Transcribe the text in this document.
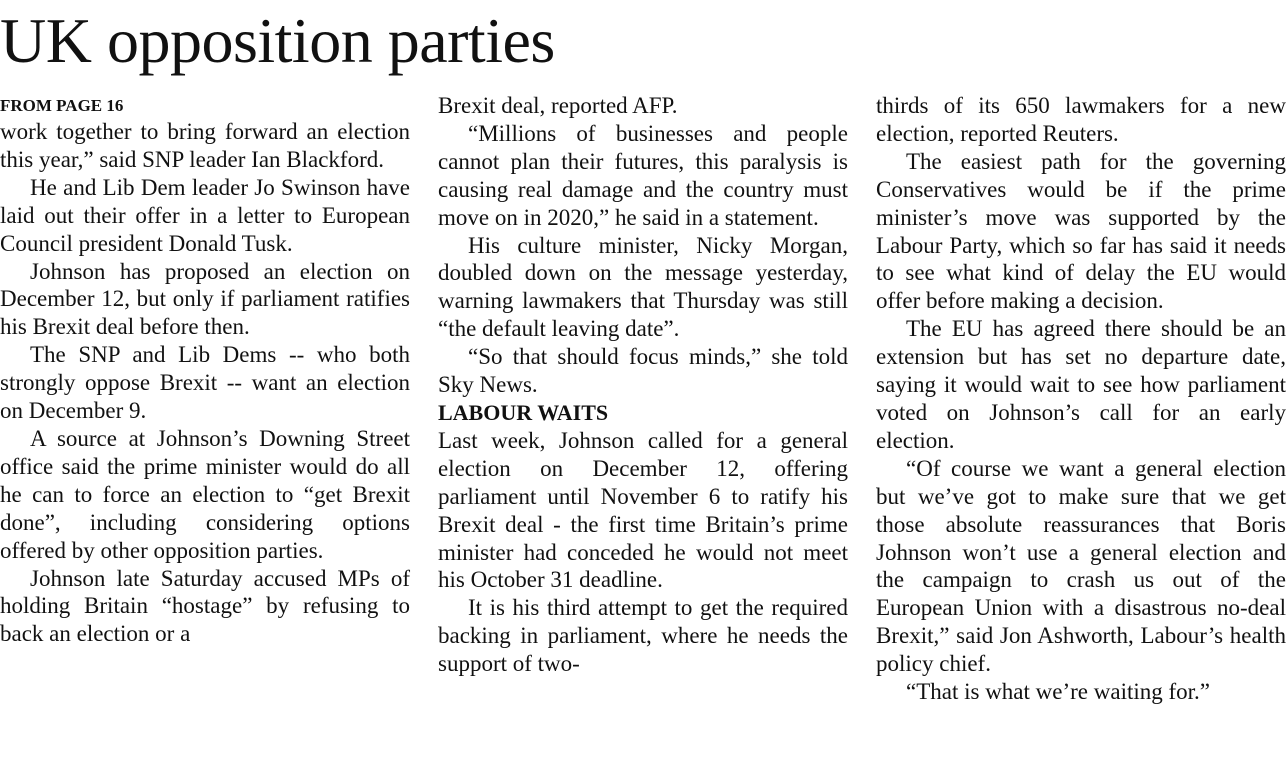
UK opposition parties
FROM PAGE 16

work together to bring forward an election this year,” said SNP leader Ian Blackford.

He and Lib Dem leader Jo Swinson have laid out their offer in a letter to European Council president Donald Tusk.

Johnson has proposed an election on December 12, but only if parliament ratifies his Brexit deal before then.

The SNP and Lib Dems -- who both strongly oppose Brexit -- want an election on December 9.

A source at Johnson’s Downing Street office said the prime minister would do all he can to force an election to “get Brexit done”, including considering options offered by other opposition parties.

Johnson late Saturday accused MPs of holding Britain “hostage” by refusing to back an election or a

Brexit deal, reported AFP.

“Millions of businesses and people cannot plan their futures, this paralysis is causing real damage and the country must move on in 2020,” he said in a statement.

His culture minister, Nicky Morgan, doubled down on the message yesterday, warning lawmakers that Thursday was still “the default leaving date”.

“So that should focus minds,” she told Sky News.

LABOUR WAITS

Last week, Johnson called for a general election on December 12, offering parliament until November 6 to ratify his Brexit deal - the first time Britain’s prime minister had conceded he would not meet his October 31 deadline.

It is his third attempt to get the required backing in parliament, where he needs the support of two-

thirds of its 650 lawmakers for a new election, reported Reuters.

The easiest path for the governing Conservatives would be if the prime minister’s move was supported by the Labour Party, which so far has said it needs to see what kind of delay the EU would offer before making a decision.

The EU has agreed there should be an extension but has set no departure date, saying it would wait to see how parliament voted on Johnson’s call for an early election.

“Of course we want a general election but we’ve got to make sure that we get those absolute reassurances that Boris Johnson won’t use a general election and the campaign to crash us out of the European Union with a disastrous no-deal Brexit,” said Jon Ashworth, Labour’s health policy chief.

“That is what we’re waiting for.”
